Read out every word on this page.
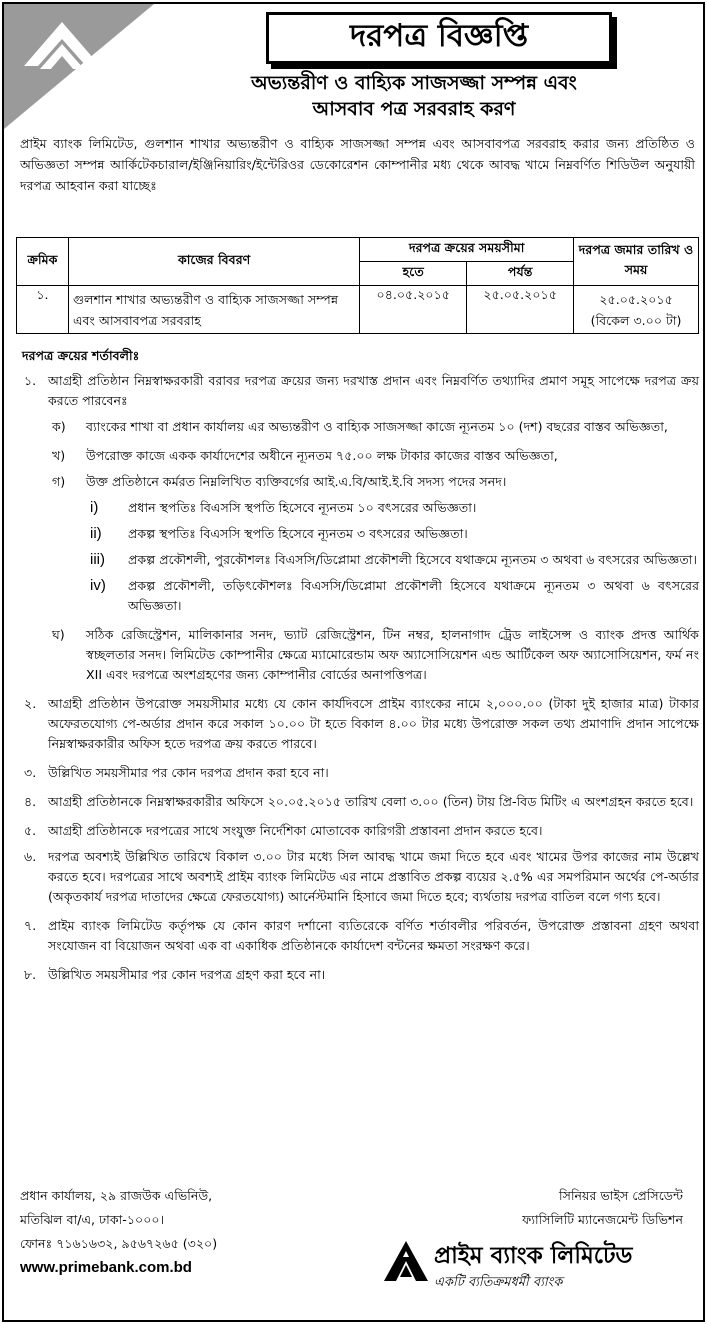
দরপত্র বিজ্ঞপ্তি
অভ্যন্তরীণ ও বাহ্যিক সাজসজ্জা সম্পন্ন এবং
আসবাব পত্র সরবরাহ করণ

প্রাইম ব্যাংক লিমিটেড, গুলশান শাখার অভ্যন্তরীণ ও বাহ্যিক সাজসজ্জা সম্পন্ন এবং আসবাবপত্র সরবরাহ করার জন্য প্রতিষ্ঠিত ও অভিজ্ঞতা সম্পন্ন আর্কিটেকচারাল/ইঞ্জিনিয়ারিং/ইন্টেরিওর ডেকোরেশন কোম্পানীর মধ্য থেকে আবদ্ধ খামে নিম্নবর্ণিত শিডিউল অনুযায়ী দরপত্র আহবান করা যাচ্ছেঃ

ক্রমিক	কাজের বিবরণ	দরপত্র ক্রয়ের সময়সীমা		দরপত্র জমার তারিখ ও সময়
		হতে	পর্যন্ত	
১.	গুলশান শাখার অভ্যন্তরীণ ও বাহ্যিক সাজসজ্জা সম্পন্ন এবং আসবাবপত্র সরবরাহ	০৪.০৫.২০১৫	২৫.০৫.২০১৫	২৫.০৫.২০১৫
(বিকেল ৩.০০ টা)
দরপত্র ক্রয়ের শর্তাবলীঃ
১. আগ্রহী প্রতিষ্ঠান নিম্নস্বাক্ষরকারী বরাবর দরপত্র ক্রয়ের জন্য দরখাস্ত প্রদান এবং নিম্নবর্ণিত তথ্যাদির প্রমাণ সমূহ সাপেক্ষে দরপত্র ক্রয় করতে পারবেনঃ
ক)	ব্যাংকের শাখা বা প্রধান কার্যালয় এর অভ্যন্তরীণ ও বাহ্যিক সাজসজ্জা কাজে ন্যূনতম ১০ (দশ) বছরের বাস্তব অভিজ্ঞতা,
খ)	উপরোক্ত কাজে একক কার্যাদেশের অধীনে ন্যূনতম ৭৫.০০ লক্ষ টাকার কাজের বাস্তব অভিজ্ঞতা,
গ)	উক্ত প্রতিষ্ঠানে কর্মরত নিম্নলিখিত ব্যক্তিবর্গের আই.এ.বি/আই.ই.বি সদস্য পদের সনদ।
i)	প্রধান স্থপতিঃ বিএসসি স্থপতি হিসেবে ন্যূনতম ১০ বৎসরের অভিজ্ঞতা।
ii)	প্রকল্প স্থপতিঃ বিএসসি স্থপতি হিসেবে ন্যূনতম ৩ বৎসরের অভিজ্ঞতা।
iii)	প্রকল্প প্রকৌশলী, পুরকৌশলঃ বিএসসি/ডিপ্লোমা প্রকৌশলী হিসেবে যথাক্রমে ন্যূনতম ৩ অথবা ৬ বৎসরের অভিজ্ঞতা।
iv)	প্রকল্প প্রকৌশলী, তড়িৎকৌশলঃ বিএসসি/ডিপ্লোমা প্রকৌশলী হিসেবে যথাক্রমে ন্যূনতম ৩ অথবা ৬ বৎসরের অভিজ্ঞতা।
ঘ)	সঠিক রেজিস্ট্রেশন, মালিকানার সনদ, ভ্যাট রেজিস্ট্রেশন, টিন নম্বর, হালনাগাদ ট্রেড লাইসেন্স ও ব্যাংক প্রদত্ত আর্থিক স্বচ্ছলতার সনদ। লিমিটেড কোম্পানীর ক্ষেত্রে ম্যামোরেন্ডাম অফ অ্যাসোসিয়েশন এন্ড আর্টিকেল অফ অ্যাসোসিয়েশন, ফর্ম নং XII এবং দরপত্রে অংশগ্রহণের জন্য কোম্পানীর বোর্ডের অনাপত্তিপত্র।
২. আগ্রহী প্রতিষ্ঠান উপরোক্ত সময়সীমার মধ্যে যে কোন কার্যদিবসে প্রাইম ব্যাংকের নামে ২,০০০.০০ (টাকা দুই হাজার মাত্র) টাকার অফেরতযোগ্য পে-অর্ডার প্রদান করে সকাল ১০.০০ টা হতে বিকাল ৪.০০ টার মধ্যে উপরোক্ত সকল তথ্য প্রমাণাদি প্রদান সাপেক্ষে নিম্নস্বাক্ষরকারীর অফিস হতে দরপত্র ক্রয় করতে পারবে।
৩. উল্লিখিত সময়সীমার পর কোন দরপত্র প্রদান করা হবে না।
৪. আগ্রহী প্রতিষ্ঠানকে নিম্নস্বাক্ষরকারীর অফিসে ২০.০৫.২০১৫ তারিখ বেলা ৩.০০ (তিন) টায় প্রি-বিড মিটিং এ অংশগ্রহন করতে হবে।
৫. আগ্রহী প্রতিষ্ঠানকে দরপত্রের সাথে সংযুক্ত নির্দেশিকা মোতাবেক কারিগরী প্রস্তাবনা প্রদান করতে হবে।
৬. দরপত্র অবশ্যই উল্লিখিত তারিখে বিকাল ৩.০০ টার মধ্যে সিল আবদ্ধ খামে জমা দিতে হবে এবং খামের উপর কাজের নাম উল্লেখ করতে হবে। দরপত্রের সাথে অবশ্যই প্রাইম ব্যাংক লিমিটেড এর নামে প্রস্তাবিত প্রকল্প ব্যয়ের ২.৫% এর সমপরিমান অর্থের পে-অর্ডার (অকৃতকার্য দরপত্র দাতাদের ক্ষেত্রে ফেরতযোগ্য) আর্নেস্টমানি হিসাবে জমা দিতে হবে; ব্যর্থতায় দরপত্র বাতিল বলে গণ্য হবে।
৭. প্রাইম ব্যাংক লিমিটেড কর্তৃপক্ষ যে কোন কারণ দর্শানো ব্যতিরেকে বর্ণিত শর্তাবলীর পরিবর্তন, উপরোক্ত প্রস্তাবনা গ্রহণ অথবা সংযোজন বা বিয়োজন অথবা এক বা একাধিক প্রতিষ্ঠানকে কার্যাদেশ বন্টনের ক্ষমতা সংরক্ষণ করে।
৮. উল্লিখিত সময়সীমার পর কোন দরপত্র গ্রহণ করা হবে না।
প্রধান কার্যালয়, ২৯ রাজউক এভিনিউ,
মতিঝিল বা/এ, ঢাকা-১০০০।
ফোনঃ ৭১৬১৬৩২, ৯৫৬৭২৬৫ (৩২০)
www.primebank.com.bd
সিনিয়র ভাইস প্রেসিডেন্ট
ফ্যাসিলিটি ম্যানেজমেন্ট ডিভিশন
প্রাইম ব্যাংক লিমিটেড
একটি ব্যতিক্রমধর্মী ব্যাংক
